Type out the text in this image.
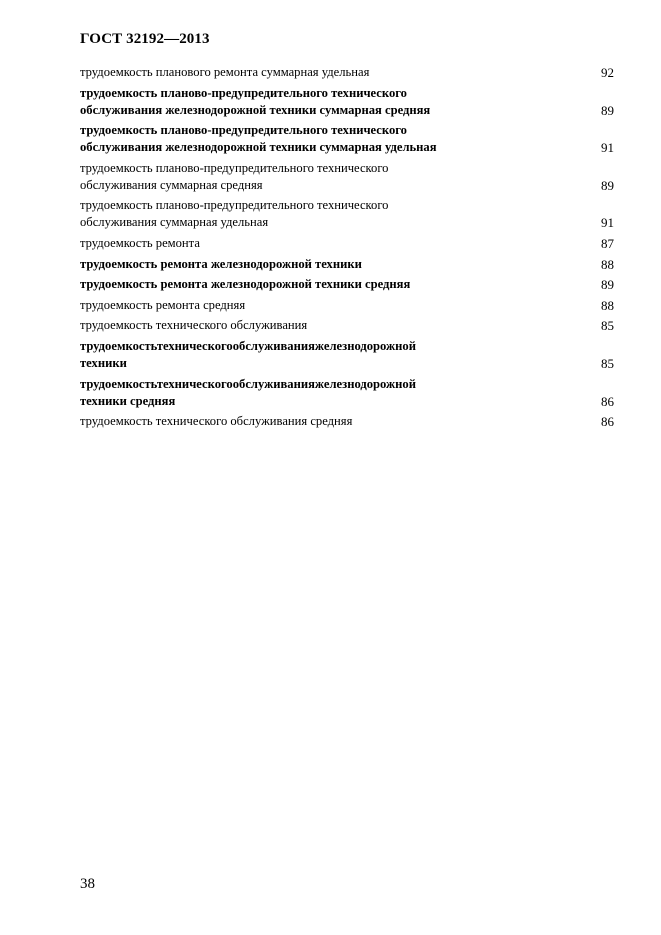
ГОСТ 32192—2013
трудоемкость планового ремонта суммарная удельная	92
трудоемкость планово-предупредительного технического
обслуживания железнодорожной техники суммарная средняя	89
трудоемкость планово-предупредительного технического
обслуживания железнодорожной техники суммарная удельная	91
трудоемкость планово-предупредительного технического
обслуживания суммарная средняя	89
трудоемкость планово-предупредительного технического
обслуживания суммарная удельная	91
трудоемкость ремонта	87
трудоемкость ремонта железнодорожной техники	88
трудоемкость ремонта железнодорожной техники средняя	89
трудоемкость ремонта средняя	88
трудоемкость технического обслуживания	85
трудоемкостьтехническогообслуживанияжелезнодорожной
техники	85
трудоемкостьтехническогообслуживанияжелезнодорожной
техники средняя	86
трудоемкость технического обслуживания средняя	86
38
